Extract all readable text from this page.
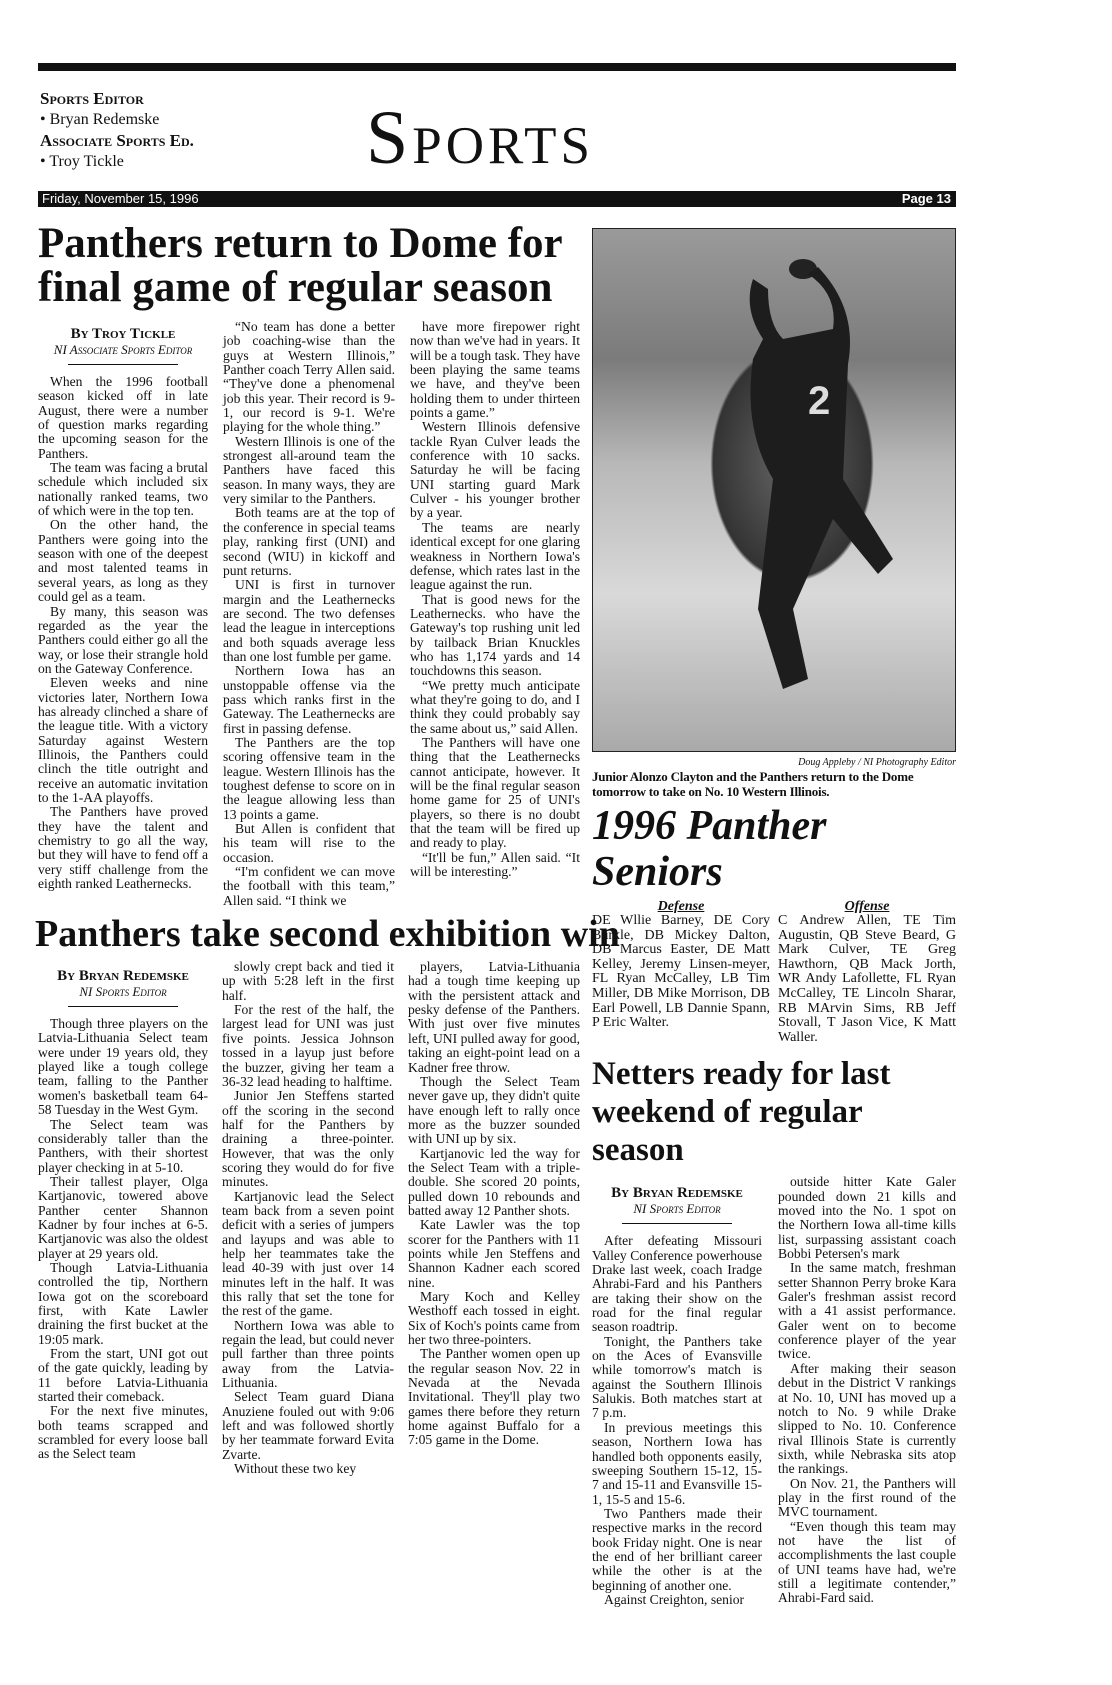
Sports Editor
• Bryan Redemske
Associate Sports Ed.
• Troy Tickle	Sports
Friday, November 15, 1996	Page 13
Panthers return to Dome for final game of regular season
By Troy Tickle
NI Associate Sports Editor

When the 1996 football season kicked off in late August, there were a number of question marks regarding the upcoming season for the Panthers.

The team was facing a brutal schedule which included six nationally ranked teams, two of which were in the top ten.

On the other hand, the Panthers were going into the season with one of the deepest and most talented teams in several years, as long as they could gel as a team.

By many, this season was regarded as the year the Panthers could either go all the way, or lose their strangle hold on the Gateway Conference.

Eleven weeks and nine victories later, Northern Iowa has already clinched a share of the league title. With a victory Saturday against Western Illinois, the Panthers could clinch the title outright and receive an automatic invitation to the 1-AA playoffs.

The Panthers have proved they have the talent and chemistry to go all the way, but they will have to fend off a very stiff challenge from the eighth ranked Leathernecks.

“No team has done a better job coaching-wise than the guys at Western Illinois,” Panther coach Terry Allen said. “They've done a phenomenal job this year. Their record is 9-1, our record is 9-1. We're playing for the whole thing.”

Western Illinois is one of the strongest all-around team the Panthers have faced this season. In many ways, they are very similar to the Panthers.

Both teams are at the top of the conference in special teams play, ranking first (UNI) and second (WIU) in kickoff and punt returns.

UNI is first in turnover margin and the Leathernecks are second. The two defenses lead the league in interceptions and both squads average less than one lost fumble per game.

Northern Iowa has an unstoppable offense via the pass which ranks first in the Gateway. The Leathernecks are first in passing defense.

The Panthers are the top scoring offensive team in the league. Western Illinois has the toughest defense to score on in the league allowing less than 13 points a game.

But Allen is confident that his team will rise to the occasion.

“I'm confident we can move the football with this team,” Allen said. “I think we

have more firepower right now than we've had in years. It will be a tough task. They have been playing the same teams we have, and they've been holding them to under thirteen points a game.”

Western Illinois defensive tackle Ryan Culver leads the conference with 10 sacks. Saturday he will be facing UNI starting guard Mark Culver - his younger brother by a year.

The teams are nearly identical except for one glaring weakness in Northern Iowa's defense, which rates last in the league against the run.

That is good news for the Leathernecks. who have the Gateway's top rushing unit led by tailback Brian Knuckles who has 1,174 yards and 14 touchdowns this season.

“We pretty much anticipate what they're going to do, and I think they could probably say the same about us,” said Allen.

The Panthers will have one thing that the Leathernecks cannot anticipate, however. It will be the final regular season home game for 25 of UNI's players, so there is no doubt that the team will be fired up and ready to play.

“It'll be fun,” Allen said. “It will be interesting.”

Panthers take second exhibition win
By Bryan Redemske
NI Sports Editor

Though three players on the Latvia-Lithuania Select team were under 19 years old, they played like a tough college team, falling to the Panther women's basketball team 64-58 Tuesday in the West Gym.

The Select team was considerably taller than the Panthers, with their shortest player checking in at 5-10.

Their tallest player, Olga Kartjanovic, towered above Panther center Shannon Kadner by four inches at 6-5. Kartjanovic was also the oldest player at 29 years old.

Though Latvia-Lithuania controlled the tip, Northern Iowa got on the scoreboard first, with Kate Lawler draining the first bucket at the 19:05 mark.

From the start, UNI got out of the gate quickly, leading by 11 before Latvia-Lithuania started their comeback.

For the next five minutes, both teams scrapped and scrambled for every loose ball as the Select team

slowly crept back and tied it up with 5:28 left in the first half.

For the rest of the half, the largest lead for UNI was just five points. Jessica Johnson tossed in a layup just before the buzzer, giving her team a 36-32 lead heading to halftime.

Junior Jen Steffens started off the scoring in the second half for the Panthers by draining a three-pointer. However, that was the only scoring they would do for five minutes.

Kartjanovic lead the Select team back from a seven point deficit with a series of jumpers and layups and was able to help her teammates take the lead 40-39 with just over 14 minutes left in the half. It was this rally that set the tone for the rest of the game.

Northern Iowa was able to regain the lead, but could never pull farther than three points away from the Latvia-Lithuania.

Select Team guard Diana Anuziene fouled out with 9:06 left and was followed shortly by her teammate forward Evita Zvarte.

Without these two key

players, Latvia-Lithuania had a tough time keeping up with the persistent attack and pesky defense of the Panthers. With just over five minutes left, UNI pulled away for good, taking an eight-point lead on a Kadner free throw.

Though the Select Team never gave up, they didn't quite have enough left to rally once more as the buzzer sounded with UNI up by six.

Kartjanovic led the way for the Select Team with a triple-double. She scored 20 points, pulled down 10 rebounds and batted away 12 Panther shots.

Kate Lawler was the top scorer for the Panthers with 11 points while Jen Steffens and Shannon Kadner each scored nine.

Mary Koch and Kelley Westhoff each tossed in eight. Six of Koch's points came from her two three-pointers.

The Panther women open up the regular season Nov. 22 in Nevada at the Nevada Invitational. They'll play two games there before they return home against Buffalo for a 7:05 game in the Dome.

2
Doug Appleby / NI Photography Editor
Junior Alonzo Clayton and the Panthers return to the Dome tomorrow to take on No. 10 Western Illinois.
1996 Panther Seniors
Defense
DE Wllie Barney, DE Cory Burkle, DB Mickey Dalton, DB Marcus Easter, DE Matt Kelley, Jeremy Linsen-meyer, FL Ryan McCalley, LB Tim Miller, DB Mike Morrison, DB Earl Powell, LB Dannie Spann, P Eric Walter.
Offense
C Andrew Allen, TE Tim Augustin, QB Steve Beard, G Mark Culver, TE Greg Hawthorn, QB Mack Jorth, WR Andy Lafollette, FL Ryan McCalley, TE Lincoln Sharar, RB MArvin Sims, RB Jeff Stovall, T Jason Vice, K Matt Waller.
Netters ready for last weekend of regular season
By Bryan Redemske
NI Sports Editor

After defeating Missouri Valley Conference powerhouse Drake last week, coach Iradge Ahrabi-Fard and his Panthers are taking their show on the road for the final regular season roadtrip.

Tonight, the Panthers take on the Aces of Evansville while tomorrow's match is against the Southern Illinois Salukis. Both matches start at 7 p.m.

In previous meetings this season, Northern Iowa has handled both opponents easily, sweeping Southern 15-12, 15-7 and 15-11 and Evansville 15-1, 15-5 and 15-6.

Two Panthers made their respective marks in the record book Friday night. One is near the end of her brilliant career while the other is at the beginning of another one.

Against Creighton, senior

outside hitter Kate Galer pounded down 21 kills and moved into the No. 1 spot on the Northern Iowa all-time kills list, surpassing assistant coach Bobbi Petersen's mark

In the same match, freshman setter Shannon Perry broke Kara Galer's freshman assist record with a 41 assist performance. Galer went on to become conference player of the year twice.

After making their season debut in the District V rankings at No. 10, UNI has moved up a notch to No. 9 while Drake slipped to No. 10. Conference rival Illinois State is currently sixth, while Nebraska sits atop the rankings.

On Nov. 21, the Panthers will play in the first round of the MVC tournament.

“Even though this team may not have the list of accomplishments the last couple of UNI teams have had, we're still a legitimate contender,” Ahrabi-Fard said.
